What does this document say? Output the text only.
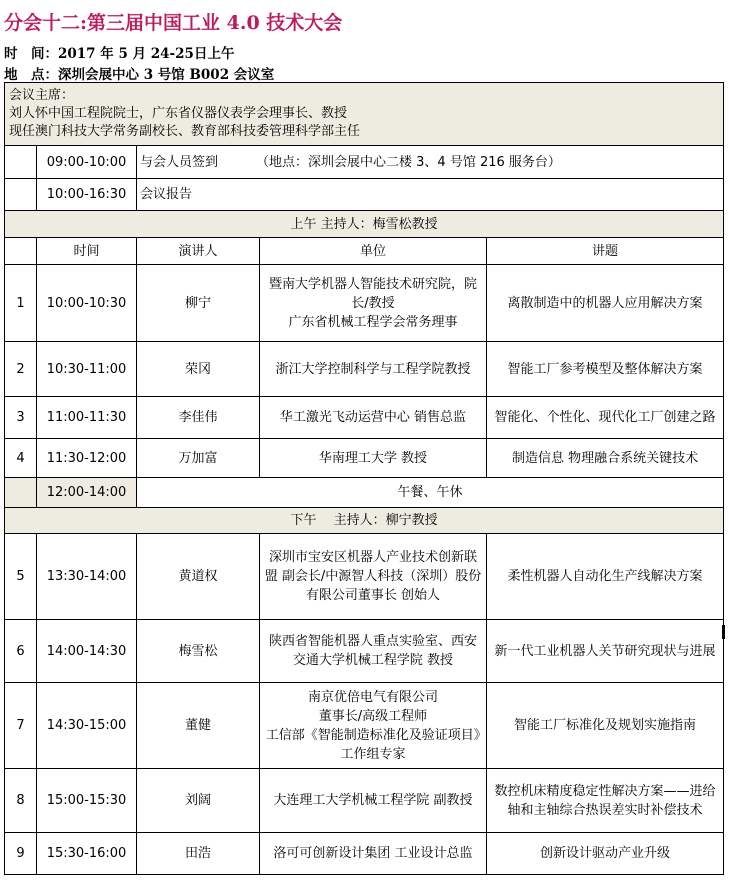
分会十二:第三届中国工业 4.0 技术大会
时　间：2017 年 5 月 24-25日上午
地　点：深圳会展中心 3 号馆 B002 会议室
会议主席：
刘人怀中国工程院院士，广东省仪器仪表学会理事长、教授
现任澳门科技大学常务副校长、教育部科技委管理科学部主任				

	09:00-10:00	与会人员签到 （地点：深圳会展中心二楼 3、4 号馆 216 服务台）		
	10:00-16:30	会议报告		
上午 主持人：梅雪松教授				
	时间	演讲人	单位	讲题
1	10:00-10:30	柳宁	暨南大学机器人智能技术研究院，院长/教授
广东省机械工程学会常务理事	离散制造中的机器人应用解决方案
2	10:30-11:00	荣冈	浙江大学控制科学与工程学院教授	智能工厂参考模型及整体解决方案
3	11:00-11:30	李佳伟	华工激光飞动运营中心 销售总监	智能化、个性化、现代化工厂创建之路
4	11:30-12:00	万加富	华南理工大学 教授	制造信息 物理融合系统关键技术
	12:00-14:00	午餐、午休		
下午　 主持人：柳宁教授				
5	13:30-14:00	黄道权	深圳市宝安区机器人产业技术创新联盟 副会长/中源智人科技（深圳）股份有限公司董事长 创始人	柔性机器人自动化生产线解决方案
6	14:00-14:30	梅雪松	陕西省智能机器人重点实验室、西安交通大学机械工程学院 教授	新一代工业机器人关节研究现状与进展
7	14:30-15:00	董健	南京优倍电气有限公司
董事长/高级工程师
工信部《智能制造标准化及验证项目》工作组专家	智能工厂标准化及规划实施指南
8	15:00-15:30	刘阔	大连理工大学机械工程学院 副教授	数控机床精度稳定性解决方案——进给轴和主轴综合热误差实时补偿技术
9	15:30-16:00	田浩	洛可可创新设计集团 工业设计总监	创新设计驱动产业升级
